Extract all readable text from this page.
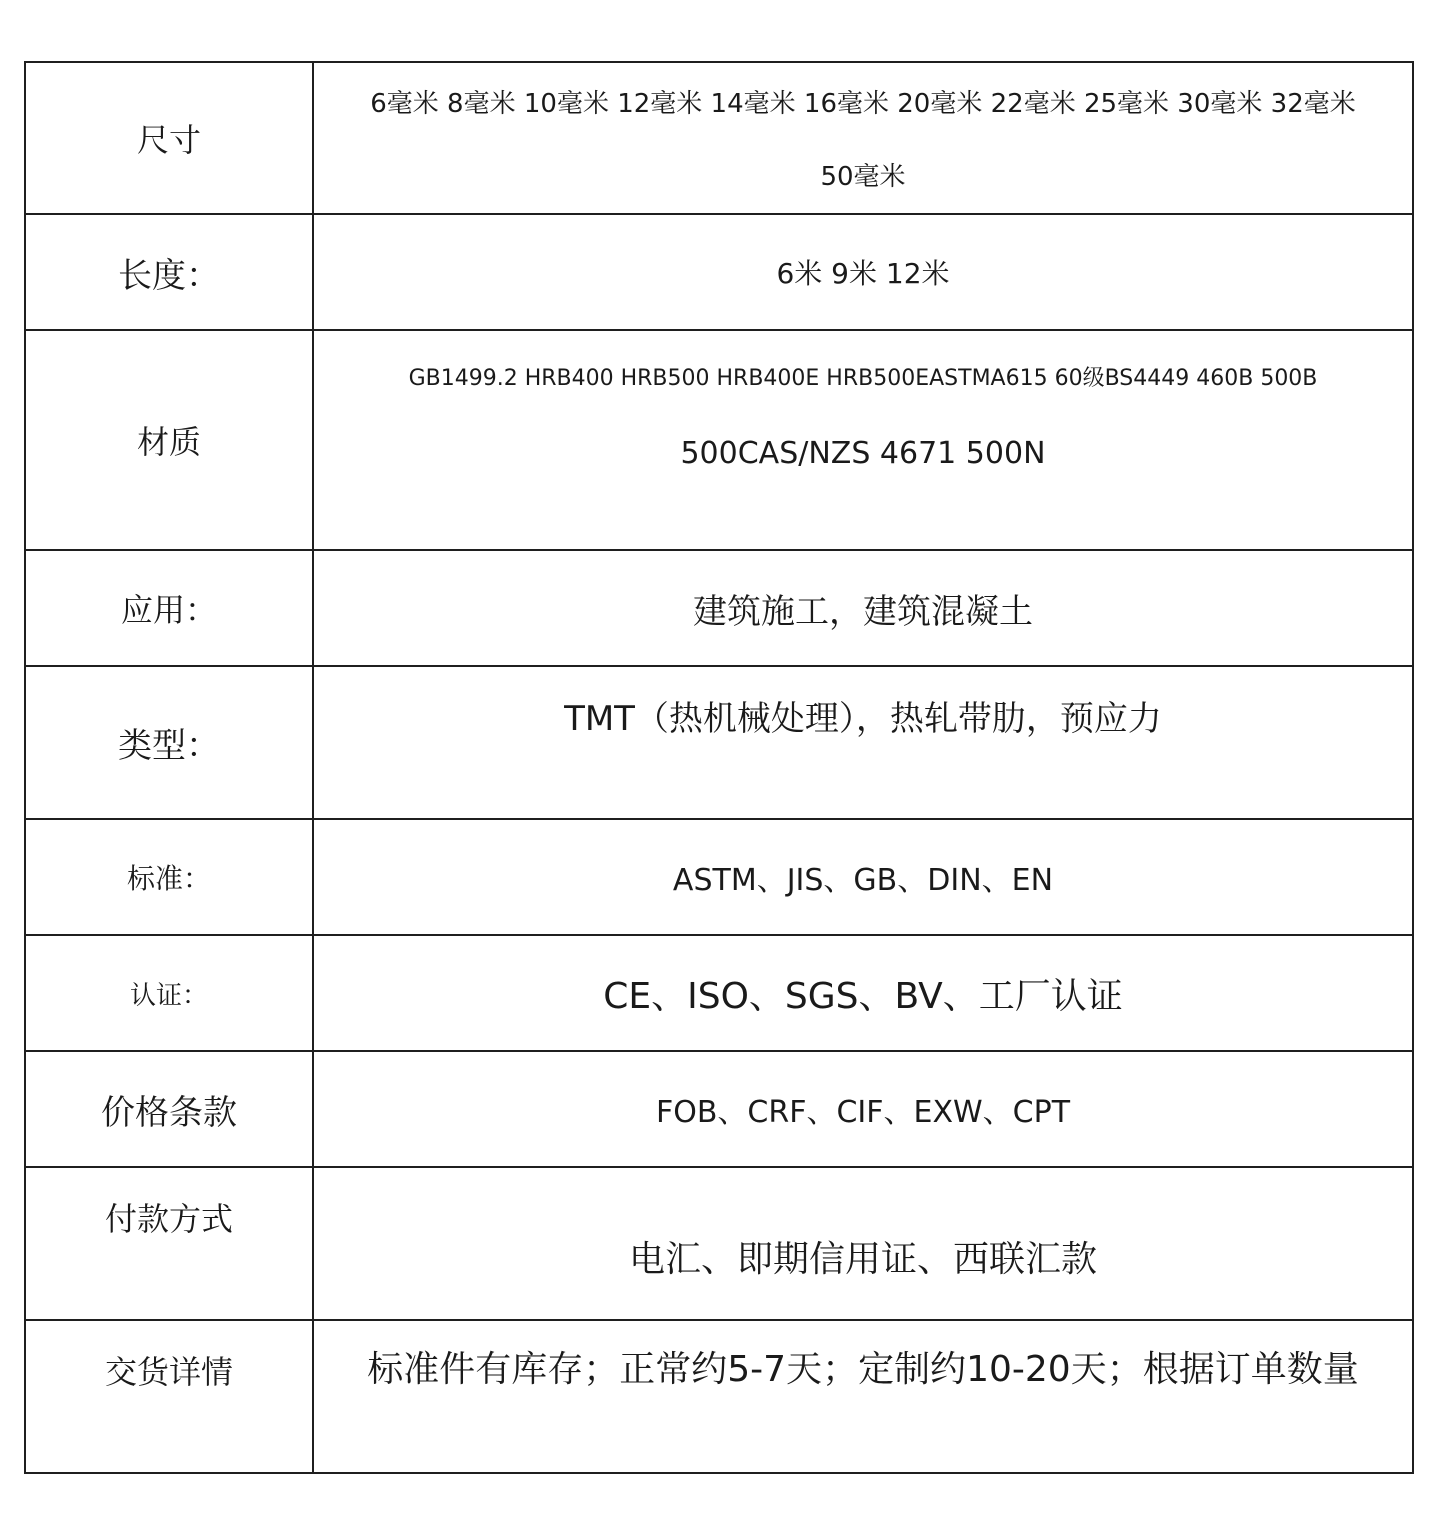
尺寸	6毫米 8毫米 10毫米 12毫米 14毫米 16毫米 20毫米 22毫米 25毫米 30毫米 32毫米
50毫米

长度：	6米 9米 12米

材质	GB1499.2 HRB400 HRB500 HRB400E HRB500EASTMA615 60级BS4449 460B 500B
500CAS/NZS 4671 500N

应用：	建筑施工，建筑混凝土

类型：	TMT（热机械处理），热轧带肋，预应力

标准：	ASTM、JIS、GB、DIN、EN

认证：	CE、ISO、SGS、BV、工厂认证

价格条款	FOB、CRF、CIF、EXW、CPT

付款方式	电汇、即期信用证、西联汇款

交货详情	标准件有库存；正常约5-7天；定制约10-20天；根据订单数量
